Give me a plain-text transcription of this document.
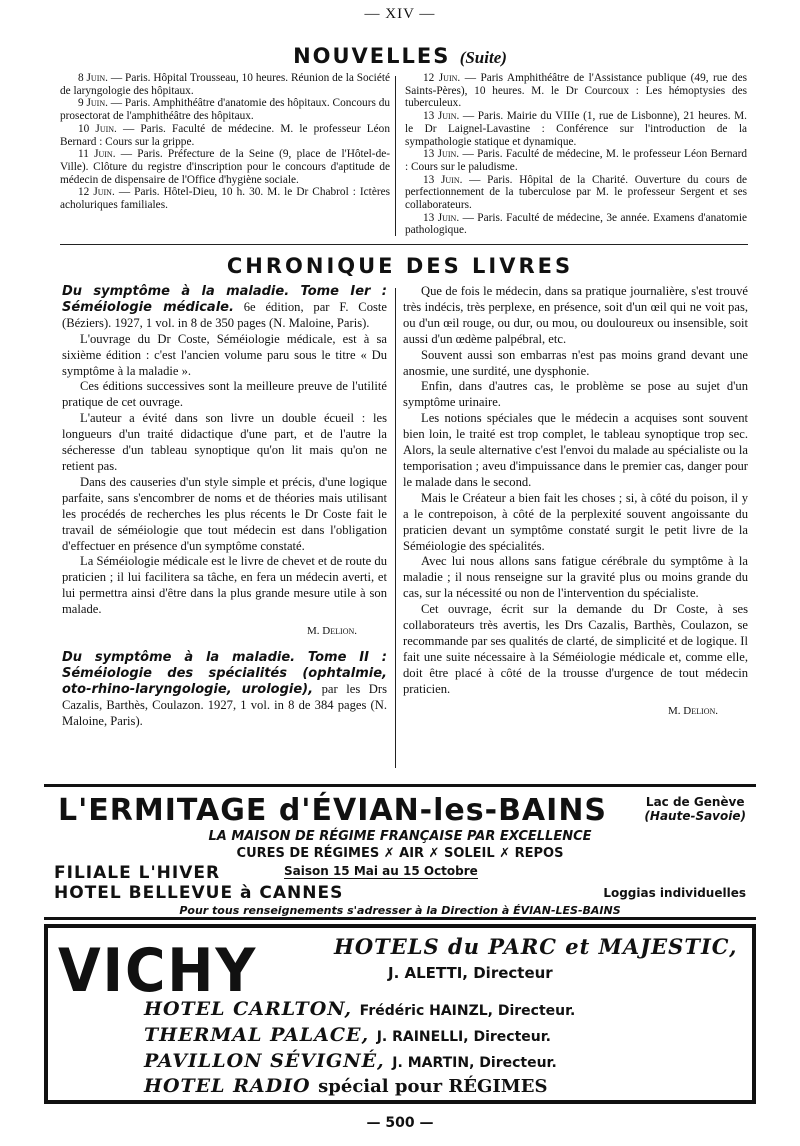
— XIV —
NOUVELLES (Suite)

8 Juin. — Paris. Hôpital Trousseau, 10 heures. Réunion de la Société de laryngologie des hôpitaux.

9 Juin. — Paris. Amphithéâtre d'anatomie des hôpitaux. Concours du prosectorat de l'amphithéâtre des hôpitaux.

10 Juin. — Paris. Faculté de médecine. M. le professeur Léon Bernard : Cours sur la grippe.

11 Juin. — Paris. Préfecture de la Seine (9, place de l'Hôtel-de-Ville). Clôture du registre d'inscription pour le concours d'aptitude de médecin de dispensaire de l'Office d'hygiène sociale.

12 Juin. — Paris. Hôtel-Dieu, 10 h. 30. M. le Dr Chabrol : Ictères acholuriques familiales.

12 Juin. — Paris Amphithéâtre de l'Assistance publique (49, rue des Saints-Pères), 10 heures. M. le Dr Courcoux : Les hémoptysies des tuberculeux.

13 Juin. — Paris. Mairie du VIIIe (1, rue de Lisbonne), 21 heures. M. le Dr Laignel-Lavastine : Conférence sur l'introduction de la sympathologie statique et dynamique.

13 Juin. — Paris. Faculté de médecine, M. le professeur Léon Bernard : Cours sur le paludisme.

13 Juin. — Paris. Hôpital de la Charité. Ouverture du cours de perfectionnement de la tuberculose par M. le professeur Sergent et ses collaborateurs.

13 Juin. — Paris. Faculté de médecine, 3e année. Examens d'anatomie pathologique.

CHRONIQUE DES LIVRES

Du symptôme à la maladie. Tome Ier : Séméiologie médicale. 6e édition, par F. Coste (Béziers). 1927, 1 vol. in 8 de 350 pages (N. Maloine, Paris).

L'ouvrage du Dr Coste, Séméiologie médicale, est à sa sixième édition : c'est l'ancien volume paru sous le titre « Du symptôme à la maladie ».

Ces éditions successives sont la meilleure preuve de l'utilité pratique de cet ouvrage.

L'auteur a évité dans son livre un double écueil : les longueurs d'un traité didactique d'une part, et de l'autre la sécheresse d'un tableau synoptique qu'on lit mais qu'on ne retient pas.

Dans des causeries d'un style simple et précis, d'une logique parfaite, sans s'encombrer de noms et de théories mais utilisant les procédés de recherches les plus récents le Dr Coste fait le travail de séméiologie que tout médecin est dans l'obligation d'effectuer en présence d'un symptôme constaté.

La Séméiologie médicale est le livre de chevet et de route du praticien ; il lui facilitera sa tâche, en fera un médecin averti, et lui permettra ainsi d'être dans la plus grande mesure utile à son malade.

M. Delion.

Du symptôme à la maladie. Tome II : Séméiologie des spécialités (ophtalmie, oto-rhino-laryngologie, urologie), par les Drs Cazalis, Barthès, Coulazon. 1927, 1 vol. in 8 de 384 pages (N. Maloine, Paris).

Que de fois le médecin, dans sa pratique journalière, s'est trouvé très indécis, très perplexe, en présence, soit d'un œil qui ne voit pas, ou d'un œil rouge, ou dur, ou mou, ou douloureux ou insensible, soit aussi d'un œdème palpébral, etc.

Souvent aussi son embarras n'est pas moins grand devant une anosmie, une surdité, une dysphonie.

Enfin, dans d'autres cas, le problème se pose au sujet d'un symptôme urinaire.

Les notions spéciales que le médecin a acquises sont souvent bien loin, le traité est trop complet, le tableau synoptique trop sec. Alors, la seule alternative c'est l'envoi du malade au spécialiste ou la temporisation ; aveu d'impuissance dans le premier cas, danger pour le malade dans le second.

Mais le Créateur a bien fait les choses ; si, à côté du poison, il y a le contrepoison, à côté de la perplexité souvent angoissante du praticien devant un symptôme constaté surgit le petit livre de la Séméiologie des spécialités.

Avec lui nous allons sans fatigue cérébrale du symptôme à la maladie ; il nous renseigne sur la gravité plus ou moins grande du cas, sur la nécessité ou non de l'intervention du spécialiste.

Cet ouvrage, écrit sur la demande du Dr Coste, à ses collaborateurs très avertis, les Drs Cazalis, Barthès, Coulazon, se recommande par ses qualités de clarté, de simplicité et de logique. Il fait une suite nécessaire à la Séméiologie médicale et, comme elle, doit être placé à côté de la trousse d'urgence de tout médecin praticien.

M. Delion.
L'ERMITAGE d'ÉVIAN-les-BAINS	Lac de Genève
(Haute-Savoie)
LA MAISON DE RÉGIME FRANÇAISE PAR EXCELLENCE
CURES DE RÉGIMES ✗ AIR ✗ SOLEIL ✗ REPOS
FILIALE L'HIVER	Saison 15 Mai au 15 Octobre
HOTEL BELLEVUE à CANNES	Loggias individuelles
Pour tous renseignements s'adresser à la Direction à ÉVIAN-LES-BAINS
VICHY	HOTELS du PARC et MAJESTIC,
J. ALETTI, Directeur
HOTEL CARLTON, Frédéric HAINZL, Directeur.
THERMAL PALACE, J. RAINELLI, Directeur.
PAVILLON SÉVIGNÉ, J. MARTIN, Directeur.
HOTEL RADIO spécial pour RÉGIMES
— 500 —
